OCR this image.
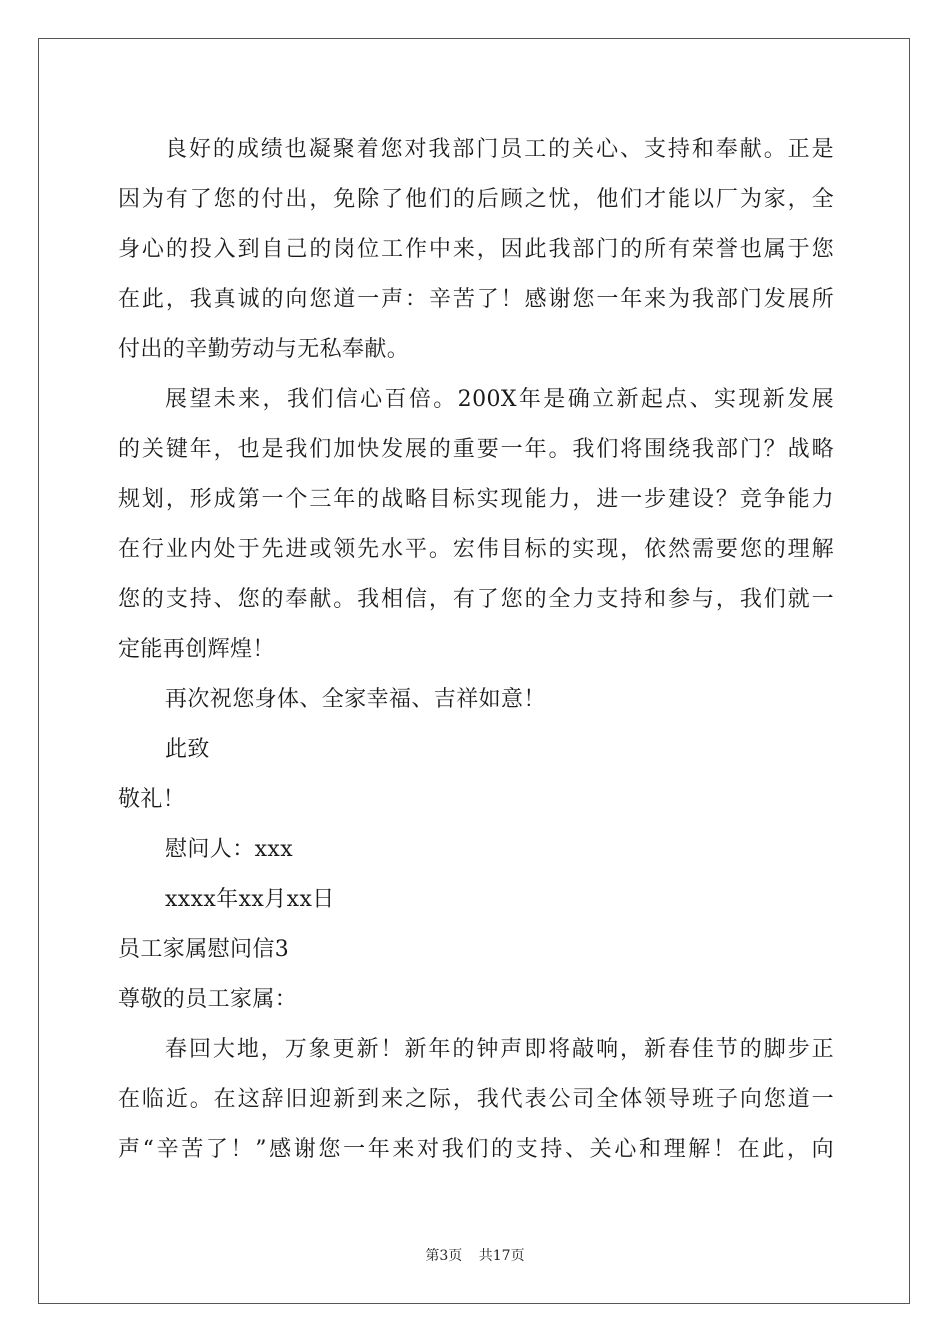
良好的成绩也凝聚着您对我部门员工的关心、支持和奉献。正是
因为有了您的付出，免除了他们的后顾之忧，他们才能以厂为家，全
身心的投入到自己的岗位工作中来，因此我部门的所有荣誉也属于您
在此，我真诚的向您道一声：辛苦了！感谢您一年来为我部门发展所
付出的辛勤劳动与无私奉献。
展望未来，我们信心百倍。200X年是确立新起点、实现新发展
的关键年，也是我们加快发展的重要一年。我们将围绕我部门？战略
规划，形成第一个三年的战略目标实现能力，进一步建设？竞争能力
在行业内处于先进或领先水平。宏伟目标的实现，依然需要您的理解
您的支持、您的奉献。我相信，有了您的全力支持和参与，我们就一
定能再创辉煌！
再次祝您身体、全家幸福、吉祥如意！
此致
敬礼！
慰问人：xxx
xxxx年xx月xx日
员工家属慰问信3
尊敬的员工家属：
春回大地，万象更新！新年的钟声即将敲响，新春佳节的脚步正
在临近。在这辞旧迎新到来之际，我代表公司全体领导班子向您道一
声“辛苦了！”感谢您一年来对我们的支持、关心和理解！在此，向
第3页 共17页
